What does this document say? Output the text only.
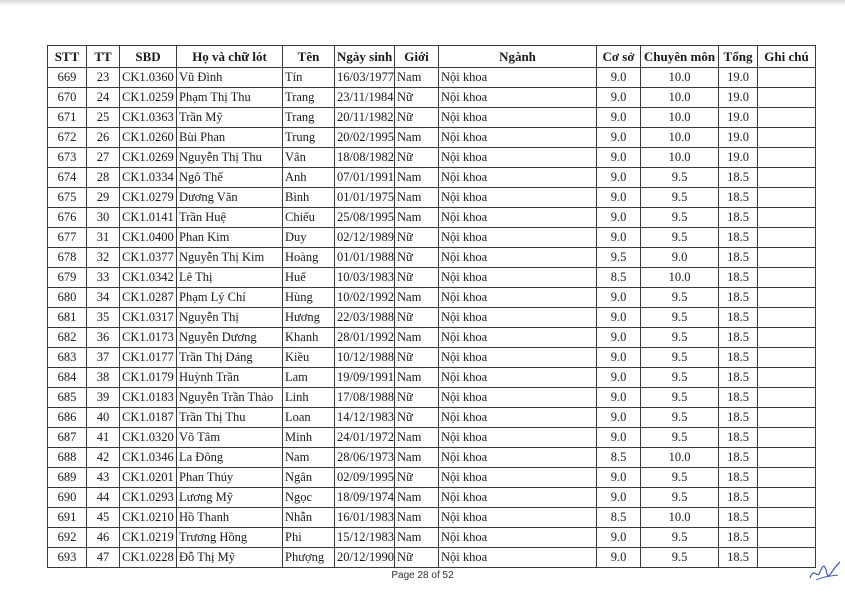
STT	TT	SBD	Họ và chữ lót	Tên	Ngày sinh	Giới	Ngành	Cơ sở	Chuyên môn	Tổng	Ghi chú
669	23	CK1.0360	Vũ Đình	Tín	16/03/1977	Nam	Nội khoa	9.0	10.0	19.0	
670	24	CK1.0259	Phạm Thị Thu	Trang	23/11/1984	Nữ	Nội khoa	9.0	10.0	19.0	
671	25	CK1.0363	Trần Mỹ	Trang	20/11/1982	Nữ	Nội khoa	9.0	10.0	19.0	
672	26	CK1.0260	Bùi Phan	Trung	20/02/1995	Nam	Nội khoa	9.0	10.0	19.0	
673	27	CK1.0269	Nguyễn Thị Thu	Vân	18/08/1982	Nữ	Nội khoa	9.0	10.0	19.0	
674	28	CK1.0334	Ngô Thế	Anh	07/01/1991	Nam	Nội khoa	9.0	9.5	18.5	
675	29	CK1.0279	Dương Văn	Bình	01/01/1975	Nam	Nội khoa	9.0	9.5	18.5	
676	30	CK1.0141	Trần Huệ	Chiếu	25/08/1995	Nam	Nội khoa	9.0	9.5	18.5	
677	31	CK1.0400	Phan Kim	Duy	02/12/1989	Nữ	Nội khoa	9.0	9.5	18.5	
678	32	CK1.0377	Nguyễn Thị Kim	Hoàng	01/01/1988	Nữ	Nội khoa	9.5	9.0	18.5	
679	33	CK1.0342	Lê Thị	Huế	10/03/1983	Nữ	Nội khoa	8.5	10.0	18.5	
680	34	CK1.0287	Phạm Lý Chí	Hùng	10/02/1992	Nam	Nội khoa	9.0	9.5	18.5	
681	35	CK1.0317	Nguyễn Thị	Hương	22/03/1988	Nữ	Nội khoa	9.0	9.5	18.5	
682	36	CK1.0173	Nguyễn Dương	Khanh	28/01/1992	Nam	Nội khoa	9.0	9.5	18.5	
683	37	CK1.0177	Trần Thị Dáng	Kiều	10/12/1988	Nữ	Nội khoa	9.0	9.5	18.5	
684	38	CK1.0179	Huỳnh Trần	Lam	19/09/1991	Nam	Nội khoa	9.0	9.5	18.5	
685	39	CK1.0183	Nguyễn Trần Thảo	Linh	17/08/1988	Nữ	Nội khoa	9.0	9.5	18.5	
686	40	CK1.0187	Trần Thị Thu	Loan	14/12/1983	Nữ	Nội khoa	9.0	9.5	18.5	
687	41	CK1.0320	Võ Tâm	Minh	24/01/1972	Nam	Nội khoa	9.0	9.5	18.5	
688	42	CK1.0346	La Đông	Nam	28/06/1973	Nam	Nội khoa	8.5	10.0	18.5	
689	43	CK1.0201	Phan Thúy	Ngân	02/09/1995	Nữ	Nội khoa	9.0	9.5	18.5	
690	44	CK1.0293	Lương Mỹ	Ngọc	18/09/1974	Nam	Nội khoa	9.0	9.5	18.5	
691	45	CK1.0210	Hồ Thanh	Nhẫn	16/01/1983	Nam	Nội khoa	8.5	10.0	18.5	
692	46	CK1.0219	Trương Hồng	Phi	15/12/1983	Nam	Nội khoa	9.0	9.5	18.5	
693	47	CK1.0228	Đỗ Thị Mỹ	Phượng	20/12/1990	Nữ	Nội khoa	9.0	9.5	18.5	
Page 28 of 52
